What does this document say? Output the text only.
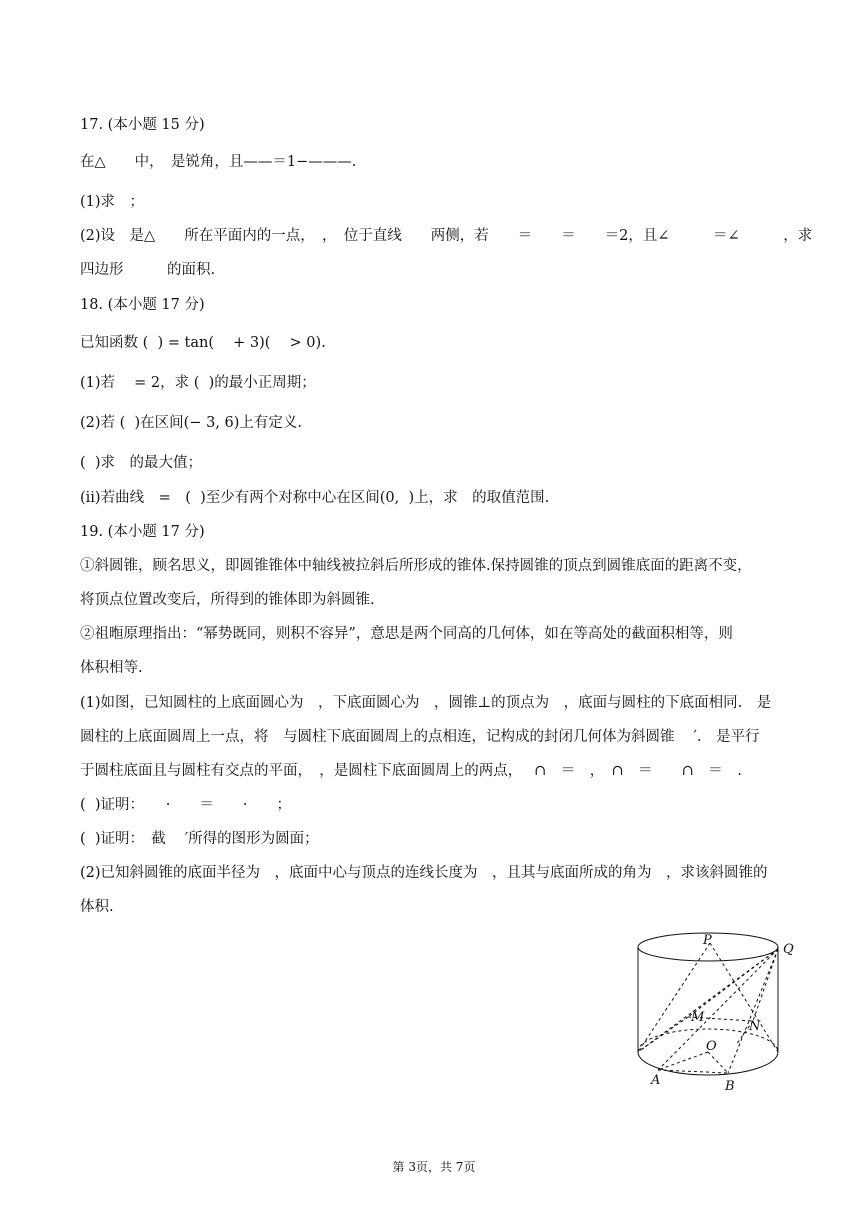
17. (本小题 15 分)
在△　　中，　是锐角，且——＝1−———.
(1)求　；
(2)设　是△　　所在平面内的一点，　，　位于直线　　两侧，若　　＝　　＝　　＝2，且∠　　　＝∠　　　，求
四边形　　　的面积.
18. (本小题 17 分)
已知函数 (  ) = tan(　 + 3)(　 > 0).
(1)若　 = 2，求 (  )的最小正周期；
(2)若 (  )在区间(− 3, 6)上有定义.
(  )求　的最大值；
(ii)若曲线　=　(  )至少有两个对称中心在区间(0,  )上，求　的取值范围.
19. (本小题 17 分)
①斜圆锥，顾名思义，即圆锥锥体中轴线被拉斜后所形成的锥体.保持圆锥的顶点到圆锥底面的距离不变，
将顶点位置改变后，所得到的锥体即为斜圆锥.
②祖暅原理指出：“幂势既同，则积不容异”，意思是两个同高的几何体，如在等高处的截面积相等，则
体积相等.
(1)如图，已知圆柱的上底面圆心为　，下底面圆心为　，圆锥⊥的顶点为　，底面与圆柱的下底面相同.　是
圆柱的上底面圆周上一点，将　与圆柱下底面圆周上的点相连，记构成的封闭几何体为斜圆锥　 ′.　是平行
于圆柱底面且与圆柱有交点的平面，　，是圆柱下底面圆周上的两点，　 ∩　＝　，　∩　＝　　∩　＝　.
(  )证明：　　·　　＝　　·　　；
(  )证明：　截　 ′所得的图形为圆面；
(2)已知斜圆锥的底面半径为　，底面中心与顶点的连线长度为　，且其与底面所成的角为　，求该斜圆锥的
体积.
P
Q
M
N
O
A	B
第 3页，共 7页
